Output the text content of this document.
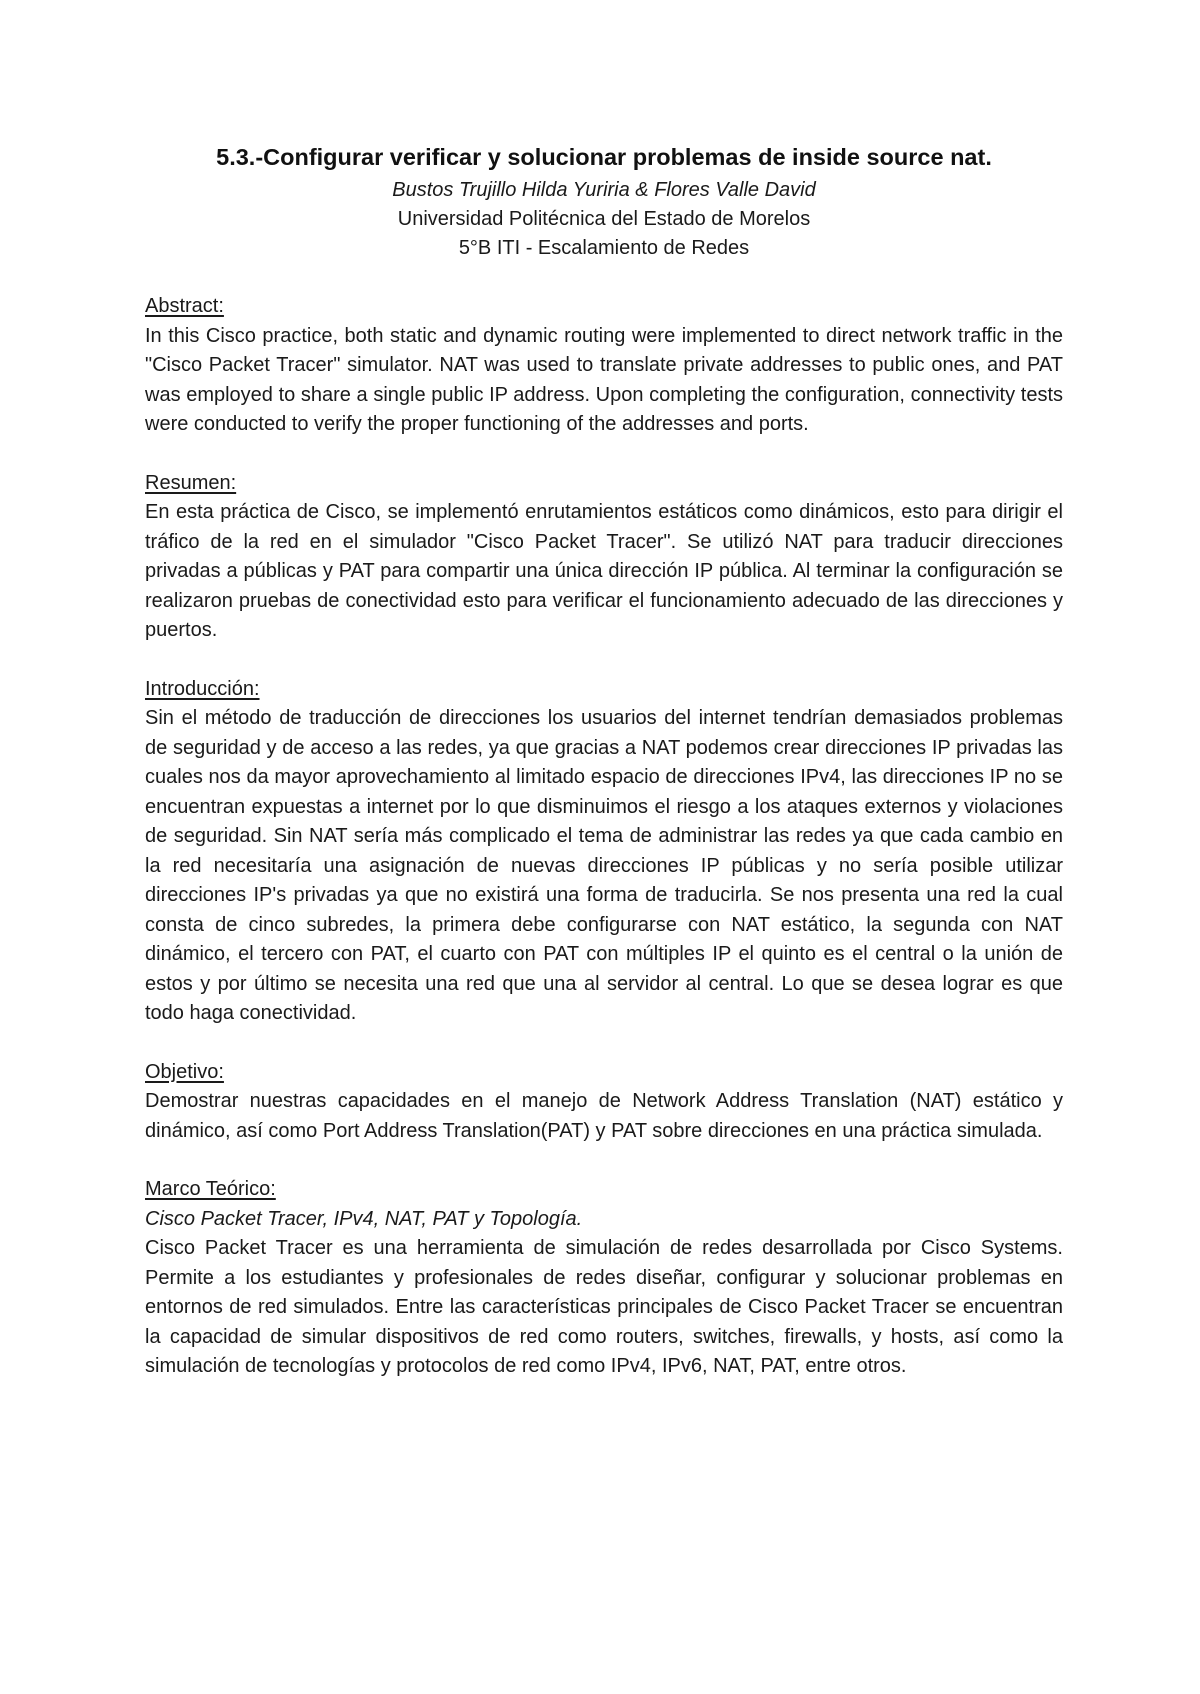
5.3.-Configurar verificar y solucionar problemas de inside source nat.
Bustos Trujillo Hilda Yuriria & Flores Valle David
Universidad Politécnica del Estado de Morelos
5°B ITI - Escalamiento de Redes
Abstract:

In this Cisco practice, both static and dynamic routing were implemented to direct network traffic in the "Cisco Packet Tracer" simulator. NAT was used to translate private addresses to public ones, and PAT was employed to share a single public IP address. Upon completing the configuration, connectivity tests were conducted to verify the proper functioning of the addresses and ports.

Resumen:

En esta práctica de Cisco, se implementó enrutamientos estáticos como dinámicos, esto para dirigir el tráfico de la red en el simulador "Cisco Packet Tracer". Se utilizó NAT para traducir direcciones privadas a públicas y PAT para compartir una única dirección IP pública. Al terminar la configuración se realizaron pruebas de conectividad esto para verificar el funcionamiento adecuado de las direcciones y puertos.

Introducción:

Sin el método de traducción de direcciones los usuarios del internet tendrían demasiados problemas de seguridad y de acceso a las redes, ya que gracias a NAT podemos crear direcciones IP privadas las cuales nos da mayor aprovechamiento al limitado espacio de direcciones IPv4, las direcciones IP no se encuentran expuestas a internet por lo que disminuimos el riesgo a los ataques externos y violaciones de seguridad. Sin NAT sería más complicado el tema de administrar las redes ya que cada cambio en la red necesitaría una asignación de nuevas direcciones IP públicas y no sería posible utilizar direcciones IP's privadas ya que no existirá una forma de traducirla. Se nos presenta una red la cual consta de cinco subredes, la primera debe configurarse con NAT estático, la segunda con NAT dinámico, el tercero con PAT, el cuarto con PAT con múltiples IP el quinto es el central o la unión de estos y por último se necesita una red que una al servidor al central. Lo que se desea lograr es que todo haga conectividad.

Objetivo:

Demostrar nuestras capacidades en el manejo de Network Address Translation (NAT) estático y dinámico, así como Port Address Translation(PAT) y PAT sobre direcciones en una práctica simulada.

Marco Teórico:

Cisco Packet Tracer, IPv4, NAT, PAT y Topología.

Cisco Packet Tracer es una herramienta de simulación de redes desarrollada por Cisco Systems. Permite a los estudiantes y profesionales de redes diseñar, configurar y solucionar problemas en entornos de red simulados. Entre las características principales de Cisco Packet Tracer se encuentran la capacidad de simular dispositivos de red como routers, switches, firewalls, y hosts, así como la simulación de tecnologías y protocolos de red como IPv4, IPv6, NAT, PAT, entre otros.
